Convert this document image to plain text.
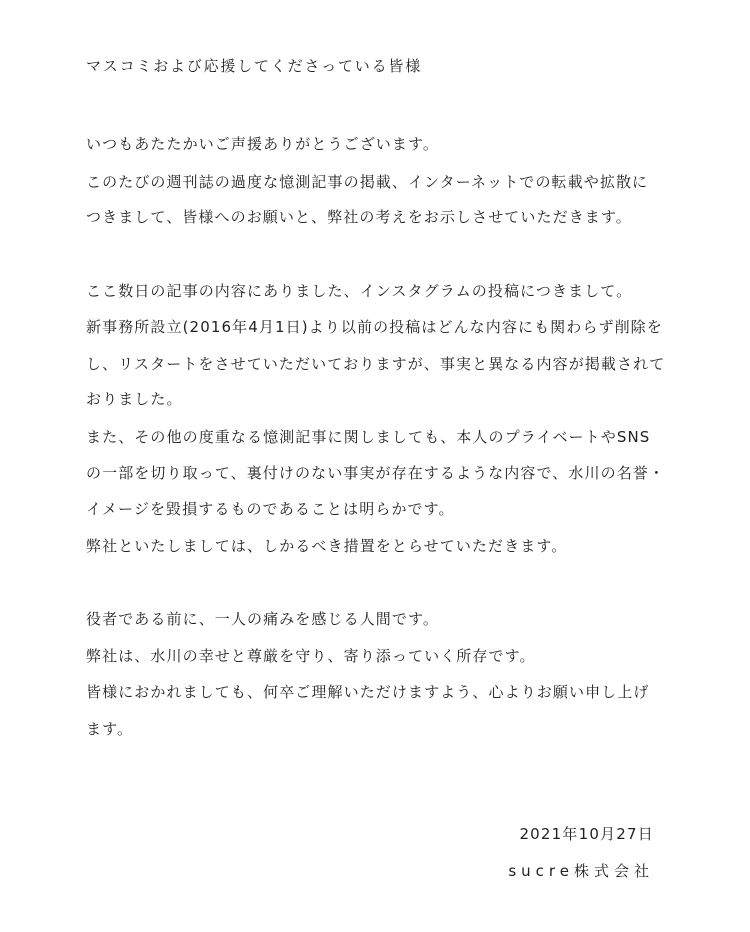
マスコミおよび応援してくださっている皆様
いつもあたたかいご声援ありがとうございます。
このたびの週刊誌の過度な憶測記事の掲載、インターネットでの転載や拡散に
つきまして、皆様へのお願いと、弊社の考えをお示しさせていただきます。
ここ数日の記事の内容にありました、インスタグラムの投稿につきまして。
新事務所設立(2016年4月1日)より以前の投稿はどんな内容にも関わらず削除を
し、リスタートをさせていただいておりますが、事実と異なる内容が掲載されて
おりました。
また、その他の度重なる憶測記事に関しましても、本人のプライベートやSNS
の一部を切り取って、裏付けのない事実が存在するような内容で、水川の名誉・
イメージを毀損するものであることは明らかです。
弊社といたしましては、しかるべき措置をとらせていただきます。
役者である前に、一人の痛みを感じる人間です。
弊社は、水川の幸せと尊厳を守り、寄り添っていく所存です。
皆様におかれましても、何卒ご理解いただけますよう、心よりお願い申し上げ
ます。
2021年10月27日
sucre株式会社
